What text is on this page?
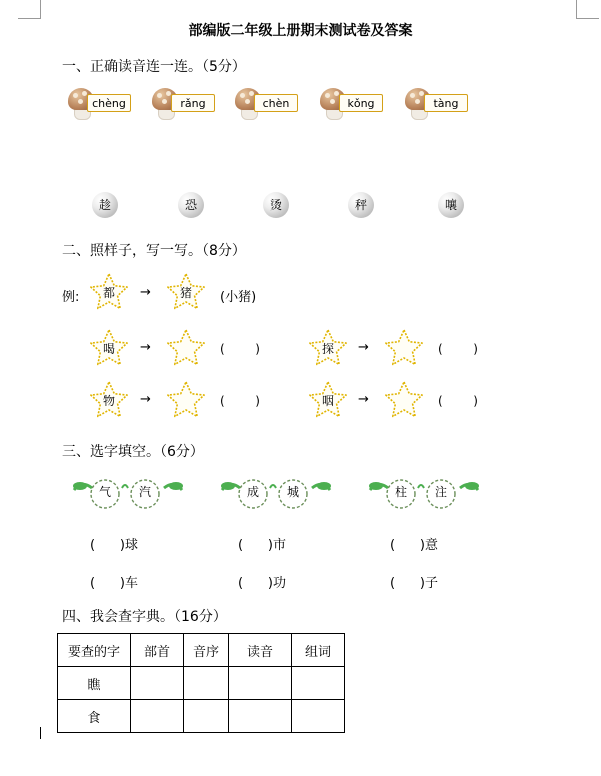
部编版二年级上册期末测试卷及答案
一、正确读音连一连。（5分）
chèng	rǎng	chèn	kǒng	tàng
趁	恐	烫	秤	嚷
二、照样子，写一写。（8分）
例:	都	→	猪	(小猪)
喝	→	(        )	探	→	(        )
物	→	(        )	咽	→	(        )
三、选字填空。（6分）
气	汽	成	城	柱	注
(      )球	(      )市	(      )意
(      )车	(      )功	(      )子
四、我会查字典。（16分）
要查的字	部首	音序	读音	组词
瞧				
食				
